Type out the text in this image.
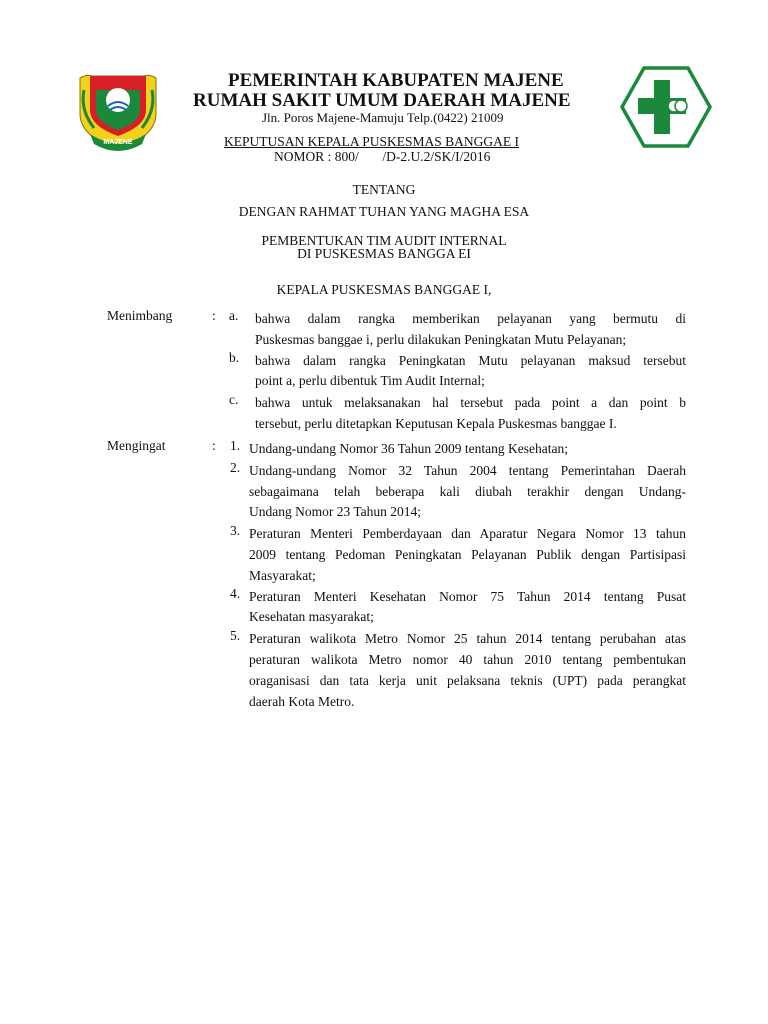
MAJENE
PEMERINTAH KABUPATEN MAJENE
RUMAH SAKIT UMUM DAERAH MAJENE
Jln. Poros Majene-Mamuju Telp.(0422) 21009
KEPUTUSAN KEPALA PUSKESMAS BANGGAE I
NOMOR : 800/       /D-2.U.2/SK/I/2016
TENTANG
DENGAN RAHMAT TUHAN YANG MAGHA ESA
PEMBENTUKAN TIM AUDIT INTERNAL
DI PUSKESMAS BANGGA EI
KEPALA PUSKESMAS BANGGAE I,
Menimbang	: a. bahwa dalam rangka memberikan pelayanan yang bermutu di
Puskesmas banggae i, perlu dilakukan Peningkatan Mutu Pelayanan;
b. bahwa dalam rangka Peningkatan Mutu pelayanan maksud tersebut
point a, perlu dibentuk Tim Audit Internal;
c. bahwa untuk melaksanakan hal tersebut pada point a dan point b
tersebut, perlu ditetapkan Keputusan Kepala Puskesmas banggae I.
Mengingat	: 1. Undang-undang Nomor 36 Tahun 2009 tentang Kesehatan;
2. Undang-undang Nomor 32 Tahun 2004 tentang Pemerintahan Daerah
sebagaimana telah beberapa kali diubah terakhir dengan Undang-
Undang Nomor 23 Tahun 2014;
3. Peraturan Menteri Pemberdayaan dan Aparatur Negara Nomor 13 tahun
2009 tentang Pedoman Peningkatan Pelayanan Publik dengan Partisipasi
Masyarakat;
4. Peraturan Menteri Kesehatan Nomor 75 Tahun 2014 tentang Pusat
Kesehatan masyarakat;
5. Peraturan walikota Metro Nomor 25 tahun 2014 tentang perubahan atas
peraturan walikota Metro nomor 40 tahun 2010 tentang pembentukan
oraganisasi dan tata kerja unit pelaksana teknis (UPT) pada perangkat
daerah Kota Metro.
